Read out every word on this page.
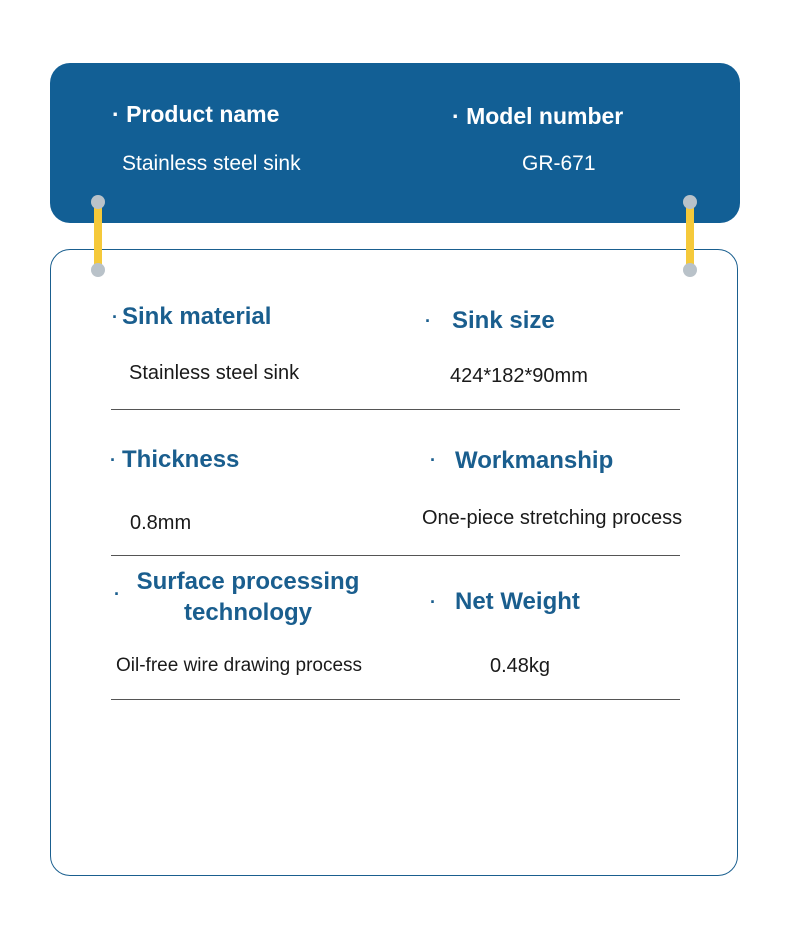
· Product name
Stainless steel sink
· Model number
GR-671
· Sink material
Stainless steel sink
· Sink size
424*182*90mm
· Thickness
0.8mm
· Workmanship
One-piece stretching process
· Surface processing technology
Oil-free wire drawing process
· Net Weight
0.48kg
